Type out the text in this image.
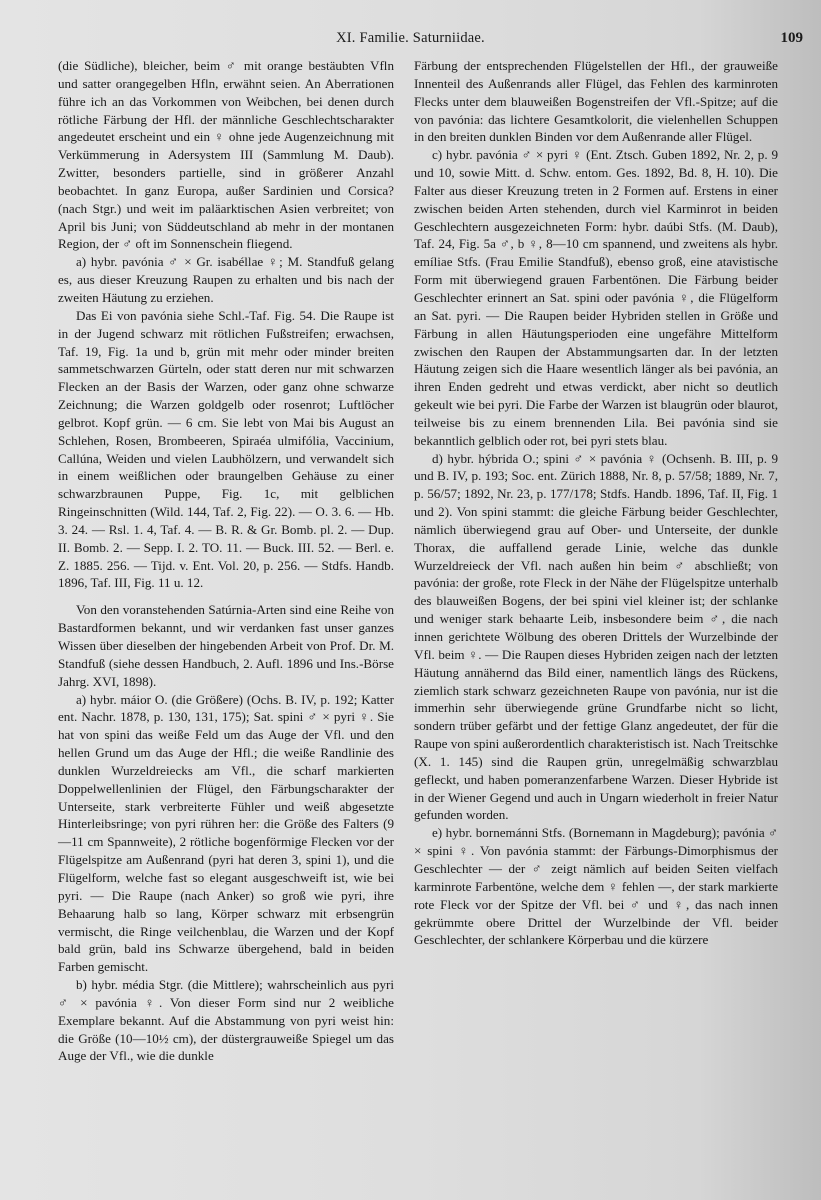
XI. Familie. Saturniidae.	109

(die Südliche), bleicher, beim ♂ mit orange bestäubten Vfln und satter orangegelben Hfln, erwähnt seien. An Aberrationen führe ich an das Vorkommen von Weibchen, bei denen durch rötliche Färbung der Hfl. der männliche Geschlechtscharakter angedeutet erscheint und ein ♀ ohne jede Augenzeichnung mit Verkümmerung in Adersystem III (Sammlung M. Daub). Zwitter, besonders partielle, sind in größerer Anzahl beobachtet. In ganz Europa, außer Sardinien und Corsica? (nach Stgr.) und weit im paläarktischen Asien verbreitet; von April bis Juni; von Süddeutschland ab mehr in der montanen Region, der ♂ oft im Sonnenschein fliegend.

a) hybr. pavónia ♂ × Gr. isabéllae ♀; M. Standfuß gelang es, aus dieser Kreuzung Raupen zu erhalten und bis nach der zweiten Häutung zu erziehen.

Das Ei von pavónia siehe Schl.-Taf. Fig. 54. Die Raupe ist in der Jugend schwarz mit rötlichen Fußstreifen; erwachsen, Taf. 19, Fig. 1a und b, grün mit mehr oder minder breiten sammetschwarzen Gürteln, oder statt deren nur mit schwarzen Flecken an der Basis der Warzen, oder ganz ohne schwarze Zeichnung; die Warzen goldgelb oder rosenrot; Luftlöcher gelbrot. Kopf grün. — 6 cm. Sie lebt von Mai bis August an Schlehen, Rosen, Brombeeren, Spiraéa ulmifólia, Vaccinium, Callúna, Weiden und vielen Laubhölzern, und verwandelt sich in einem weißlichen oder braungelben Gehäuse zu einer schwarzbraunen Puppe, Fig. 1c, mit gelblichen Ringeinschnitten (Wild. 144, Taf. 2, Fig. 22). — O. 3. 6. — Hb. 3. 24. — Rsl. 1. 4, Taf. 4. — B. R. & Gr. Bomb. pl. 2. — Dup. II. Bomb. 2. — Sepp. I. 2. TO. 11. — Buck. III. 52. — Berl. e. Z. 1885. 256. — Tijd. v. Ent. Vol. 20, p. 256. — Stdfs. Handb. 1896, Taf. III, Fig. 11 u. 12.

Von den voranstehenden Satúrnia-Arten sind eine Reihe von Bastardformen bekannt, und wir verdanken fast unser ganzes Wissen über dieselben der hingebenden Arbeit von Prof. Dr. M. Standfuß (siehe dessen Handbuch, 2. Aufl. 1896 und Ins.-Börse Jahrg. XVI, 1898).

a) hybr. máior O. (die Größere) (Ochs. B. IV, p. 192; Katter ent. Nachr. 1878, p. 130, 131, 175); Sat. spini ♂ × pyri ♀. Sie hat von spini das weiße Feld um das Auge der Vfl. und den hellen Grund um das Auge der Hfl.; die weiße Randlinie des dunklen Wurzeldreiecks am Vfl., die scharf markierten Doppelwellenlinien der Flügel, den Färbungscharakter der Unterseite, stark verbreiterte Fühler und weiß abgesetzte Hinterleibsringe; von pyri rühren her: die Größe des Falters (9—11 cm Spannweite), 2 rötliche bogenförmige Flecken vor der Flügelspitze am Außenrand (pyri hat deren 3, spini 1), und die Flügelform, welche fast so elegant ausgeschweift ist, wie bei pyri. — Die Raupe (nach Anker) so groß wie pyri, ihre Behaarung halb so lang, Körper schwarz mit erbsengrün vermischt, die Ringe veilchenblau, die Warzen und der Kopf bald grün, bald ins Schwarze übergehend, bald in beiden Farben gemischt.

b) hybr. média Stgr. (die Mittlere); wahrscheinlich aus pyri ♂ × pavónia ♀. Von dieser Form sind nur 2 weibliche Exemplare bekannt. Auf die Abstammung von pyri weist hin: die Größe (10—10½ cm), der düstergrauweiße Spiegel um das Auge der Vfl., wie die dunkle

Färbung der entsprechenden Flügelstellen der Hfl., der grauweiße Innenteil des Außenrands aller Flügel, das Fehlen des karminroten Flecks unter dem blauweißen Bogenstreifen der Vfl.-Spitze; auf die von pavónia: das lichtere Gesamtkolorit, die vielenhellen Schuppen in den breiten dunklen Binden vor dem Außenrande aller Flügel.

c) hybr. pavónia ♂ × pyri ♀ (Ent. Ztsch. Guben 1892, Nr. 2, p. 9 und 10, sowie Mitt. d. Schw. entom. Ges. 1892, Bd. 8, H. 10). Die Falter aus dieser Kreuzung treten in 2 Formen auf. Erstens in einer zwischen beiden Arten stehenden, durch viel Karminrot in beiden Geschlechtern ausgezeichneten Form: hybr. daúbi Stfs. (M. Daub), Taf. 24, Fig. 5a ♂, b ♀, 8—10 cm spannend, und zweitens als hybr. emíliae Stfs. (Frau Emilie Standfuß), ebenso groß, eine atavistische Form mit überwiegend grauen Farbentönen. Die Färbung beider Geschlechter erinnert an Sat. spini oder pavónia ♀, die Flügelform an Sat. pyri. — Die Raupen beider Hybriden stellen in Größe und Färbung in allen Häutungsperioden eine ungefähre Mittelform zwischen den Raupen der Abstammungsarten dar. In der letzten Häutung zeigen sich die Haare wesentlich länger als bei pavónia, an ihren Enden gedreht und etwas verdickt, aber nicht so deutlich gekeult wie bei pyri. Die Farbe der Warzen ist blaugrün oder blaurot, teilweise bis zu einem brennenden Lila. Bei pavónia sind sie bekanntlich gelblich oder rot, bei pyri stets blau.

d) hybr. hýbrida O.; spini ♂ × pavónia ♀ (Ochsenh. B. III, p. 9 und B. IV, p. 193; Soc. ent. Zürich 1888, Nr. 8, p. 57/58; 1889, Nr. 7, p. 56/57; 1892, Nr. 23, p. 177/178; Stdfs. Handb. 1896, Taf. II, Fig. 1 und 2). Von spini stammt: die gleiche Färbung beider Geschlechter, nämlich überwiegend grau auf Ober- und Unterseite, der dunkle Thorax, die auffallend gerade Linie, welche das dunkle Wurzeldreieck der Vfl. nach außen hin beim ♂ abschließt; von pavónia: der große, rote Fleck in der Nähe der Flügelspitze unterhalb des blauweißen Bogens, der bei spini viel kleiner ist; der schlanke und weniger stark behaarte Leib, insbesondere beim ♂, die nach innen gerichtete Wölbung des oberen Drittels der Wurzelbinde der Vfl. beim ♀. — Die Raupen dieses Hybriden zeigen nach der letzten Häutung annähernd das Bild einer, namentlich längs des Rückens, ziemlich stark schwarz gezeichneten Raupe von pavónia, nur ist die immerhin sehr überwiegende grüne Grundfarbe nicht so licht, sondern trüber gefärbt und der fettige Glanz angedeutet, der für die Raupe von spini außerordentlich charakteristisch ist. Nach Treitschke (X. 1. 145) sind die Raupen grün, unregelmäßig schwarzblau gefleckt, und haben pomeranzenfarbene Warzen. Dieser Hybride ist in der Wiener Gegend und auch in Ungarn wiederholt in freier Natur gefunden worden.

e) hybr. bornemánni Stfs. (Bornemann in Magdeburg); pavónia ♂ × spini ♀. Von pavónia stammt: der Färbungs-Dimorphismus der Geschlechter — der ♂ zeigt nämlich auf beiden Seiten vielfach karminrote Farbentöne, welche dem ♀ fehlen —, der stark markierte rote Fleck vor der Spitze der Vfl. bei ♂ und ♀, das nach innen gekrümmte obere Drittel der Wurzelbinde der Vfl. beider Geschlechter, der schlankere Körperbau und die kürzere
